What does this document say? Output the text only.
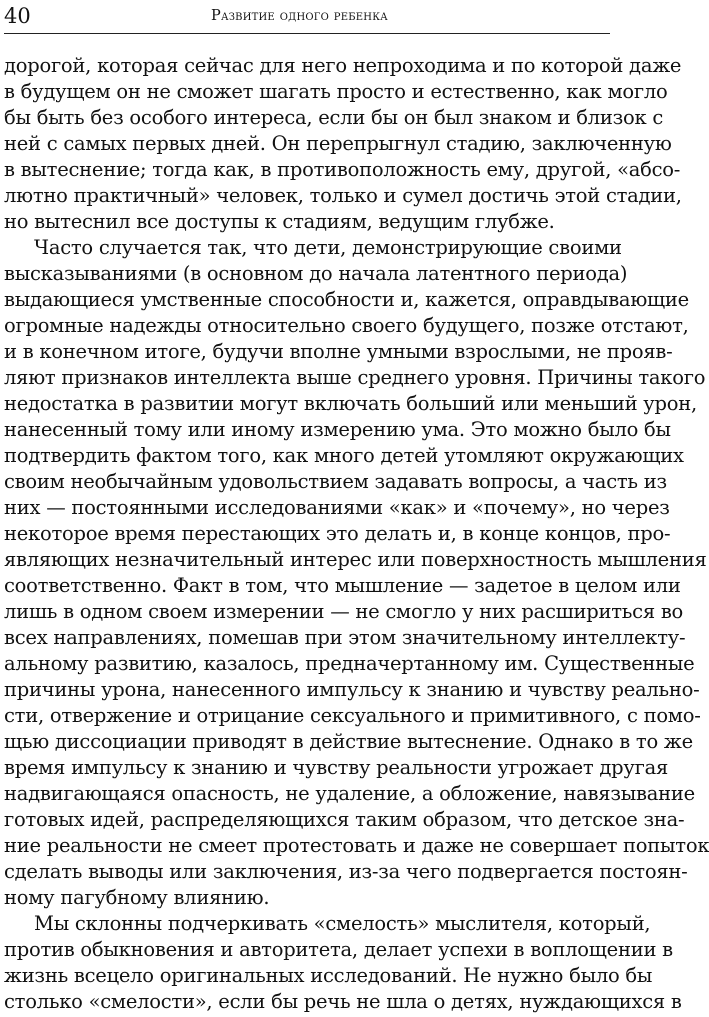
40	Развитие одного ребенка
дорогой, которая сейчас для него непроходима и по которой даже
в будущем он не сможет шагать просто и естественно, как могло
бы быть без особого интереса, если бы он был знаком и близок с
ней с самых первых дней. Он перепрыгнул стадию, заключенную
в вытеснение; тогда как, в противоположность ему, другой, «абсо-
лютно практичный» человек, только и сумел достичь этой стадии,
но вытеснил все доступы к стадиям, ведущим глубже.
Часто случается так, что дети, демонстрирующие своими
высказываниями (в основном до начала латентного периода)
выдающиеся умственные способности и, кажется, оправдывающие
огромные надежды относительно своего будущего, позже отстают,
и в конечном итоге, будучи вполне умными взрослыми, не прояв-
ляют признаков интеллекта выше среднего уровня. Причины такого
недостатка в развитии могут включать больший или меньший урон,
нанесенный тому или иному измерению ума. Это можно было бы
подтвердить фактом того, как много детей утомляют окружающих
своим необычайным удовольствием задавать вопросы, а часть из
них — постоянными исследованиями «как» и «почему», но через
некоторое время перестающих это делать и, в конце концов, про-
являющих незначительный интерес или поверхностность мышления
соответственно. Факт в том, что мышление — задетое в целом или
лишь в одном своем измерении — не смогло у них расшириться во
всех направлениях, помешав при этом значительному интеллекту-
альному развитию, казалось, предначертанному им. Существенные
причины урона, нанесенного импульсу к знанию и чувству реально-
сти, отвержение и отрицание сексуального и примитивного, с помо-
щью диссоциации приводят в действие вытеснение. Однако в то же
время импульсу к знанию и чувству реальности угрожает другая
надвигающаяся опасность, не удаление, а обложение, навязывание
готовых идей, распределяющихся таким образом, что детское зна-
ние реальности не смеет протестовать и даже не совершает попыток
сделать выводы или заключения, из-за чего подвергается постоян-
ному пагубному влиянию.
Мы склонны подчеркивать «смелость» мыслителя, который,
против обыкновения и авторитета, делает успехи в воплощении в
жизнь всецело оригинальных исследований. Не нужно было бы
столько «смелости», если бы речь не шла о детях, нуждающихся в
